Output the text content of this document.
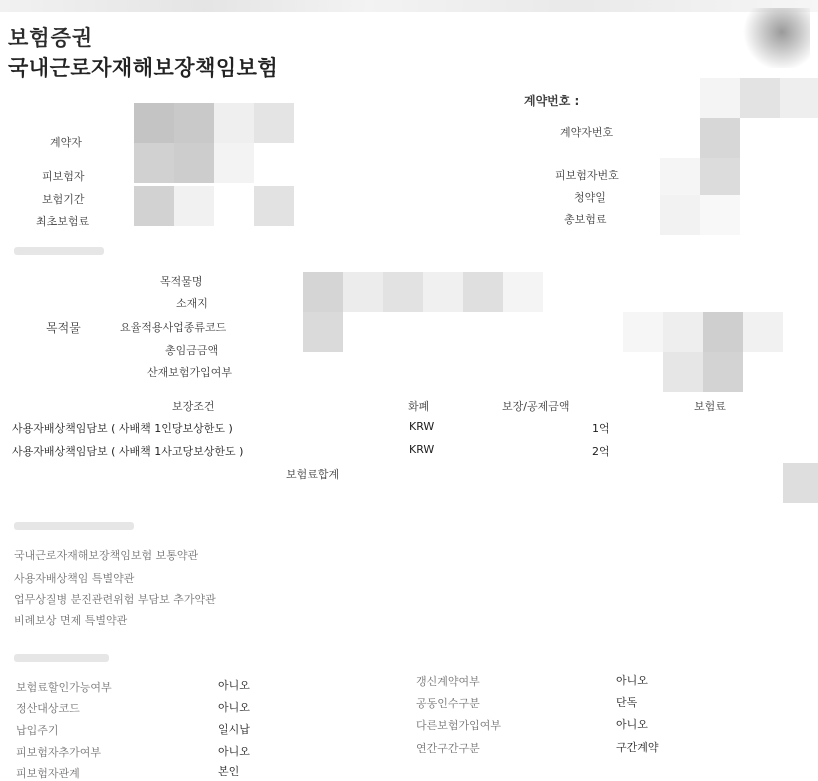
보험증권
국내근로자재해보장책임보험
계약번호 :
계약자
피보험자
보험기간
최초보험료
계약자번호
피보험자번호
청약일
총보험료
목적물
목적물명
소재지
요율적용사업종류코드
총임금금액
산재보험가입여부
보장조건	화폐	보장/공제금액	보험료
사용자배상책임담보 ( 사배책 1인당보상한도 )	KRW	1억
사용자배상책임담보 ( 사배책 1사고당보상한도 )	KRW	2억
보험료합계
국내근로자재해보장책임보험 보통약관
사용자배상책임 특별약관
업무상질병 분진관련위험 부담보 추가약관
비례보상 면제 특별약관
보험료할인가능여부	아니오
정산대상코드	아니오
납입주기	일시납
피보험자추가여부	아니오
피보험자관계	본인
갱신계약여부	아니오
공동인수구분	단독
다른보험가입여부	아니오
연간구간구분	구간계약
